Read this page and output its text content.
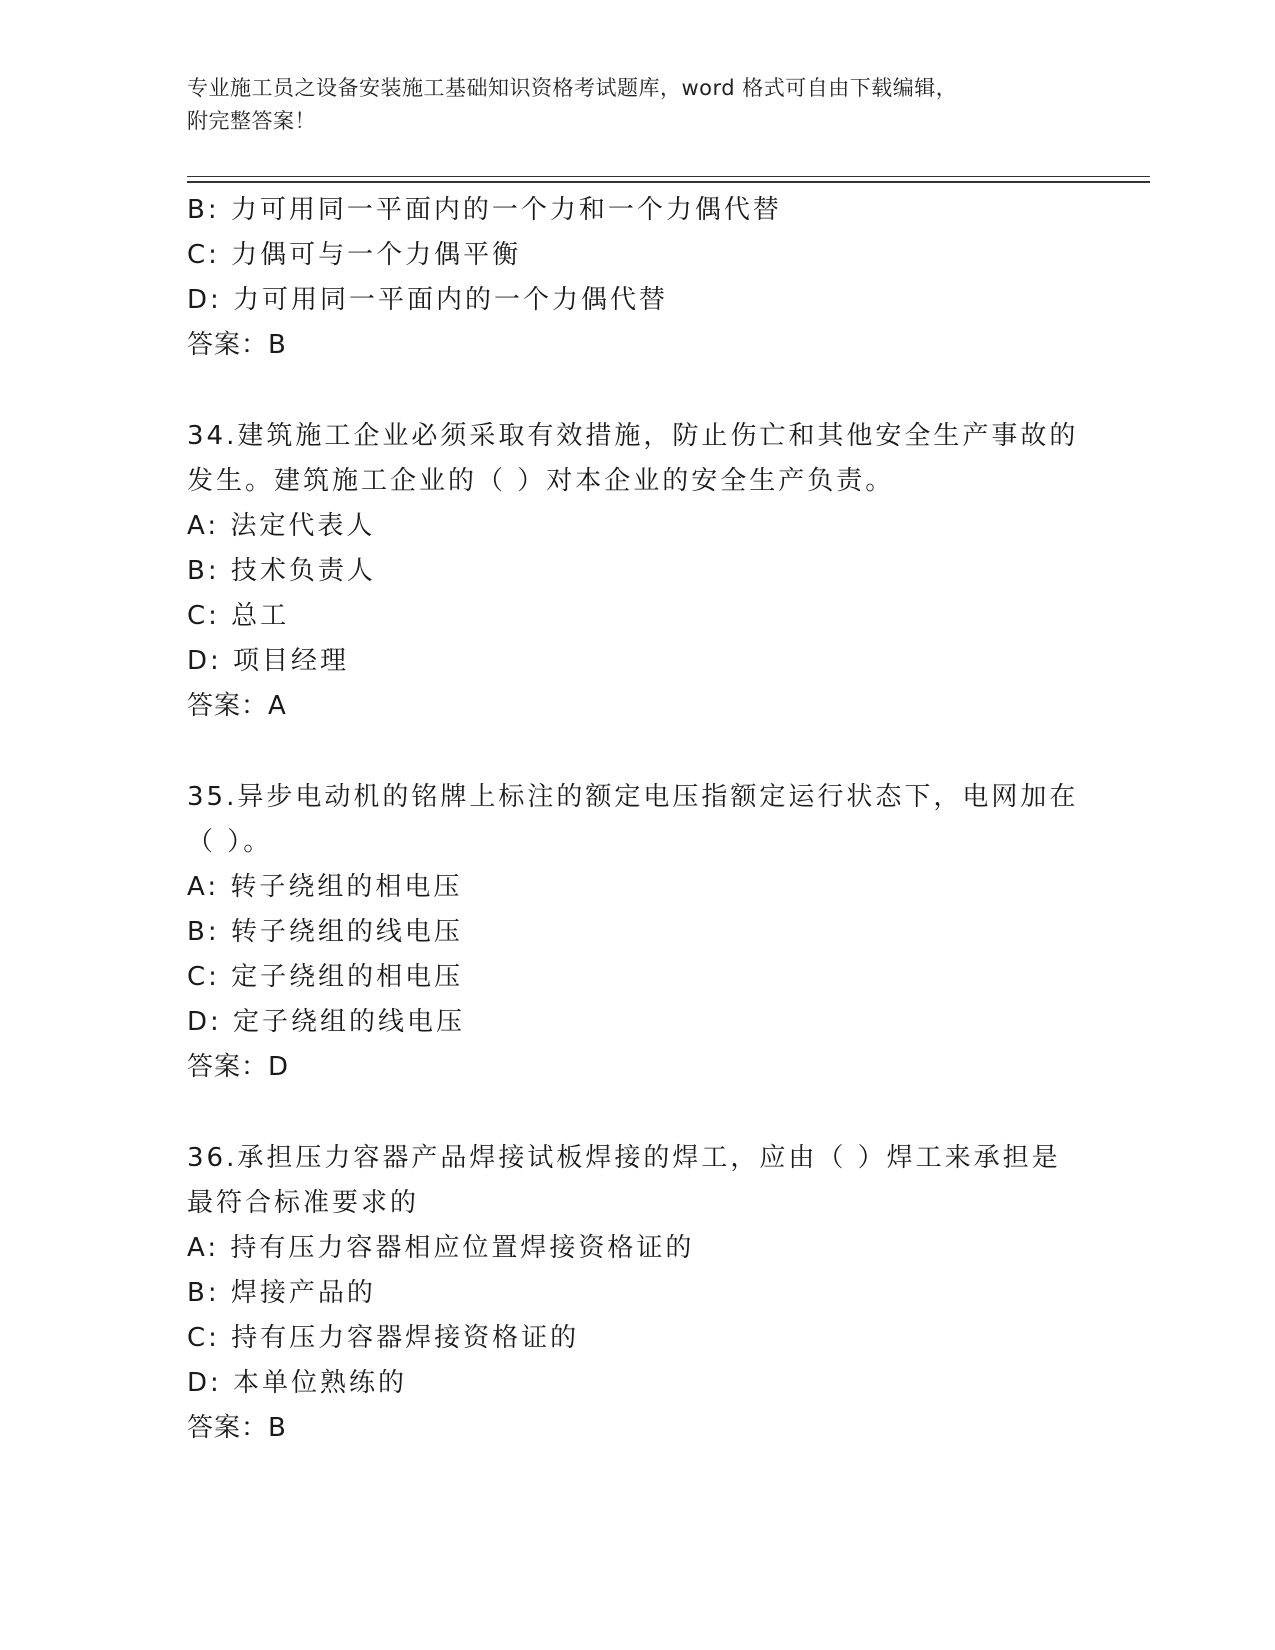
专业施工员之设备安装施工基础知识资格考试题库，word 格式可自由下载编辑，
附完整答案！
B: 力可用同一平面内的一个力和一个力偶代替
C: 力偶可与一个力偶平衡
D: 力可用同一平面内的一个力偶代替
答案：B
34.建筑施工企业必须采取有效措施，防止伤亡和其他安全生产事故的
发生。建筑施工企业的（ ）对本企业的安全生产负责。
A: 法定代表人
B: 技术负责人
C: 总工
D: 项目经理
答案：A
35.异步电动机的铭牌上标注的额定电压指额定运行状态下，电网加在
（ ）。
A: 转子绕组的相电压
B: 转子绕组的线电压
C: 定子绕组的相电压
D: 定子绕组的线电压
答案：D
36.承担压力容器产品焊接试板焊接的焊工，应由（ ）焊工来承担是
最符合标准要求的
A: 持有压力容器相应位置焊接资格证的
B: 焊接产品的
C: 持有压力容器焊接资格证的
D: 本单位熟练的
答案：B
